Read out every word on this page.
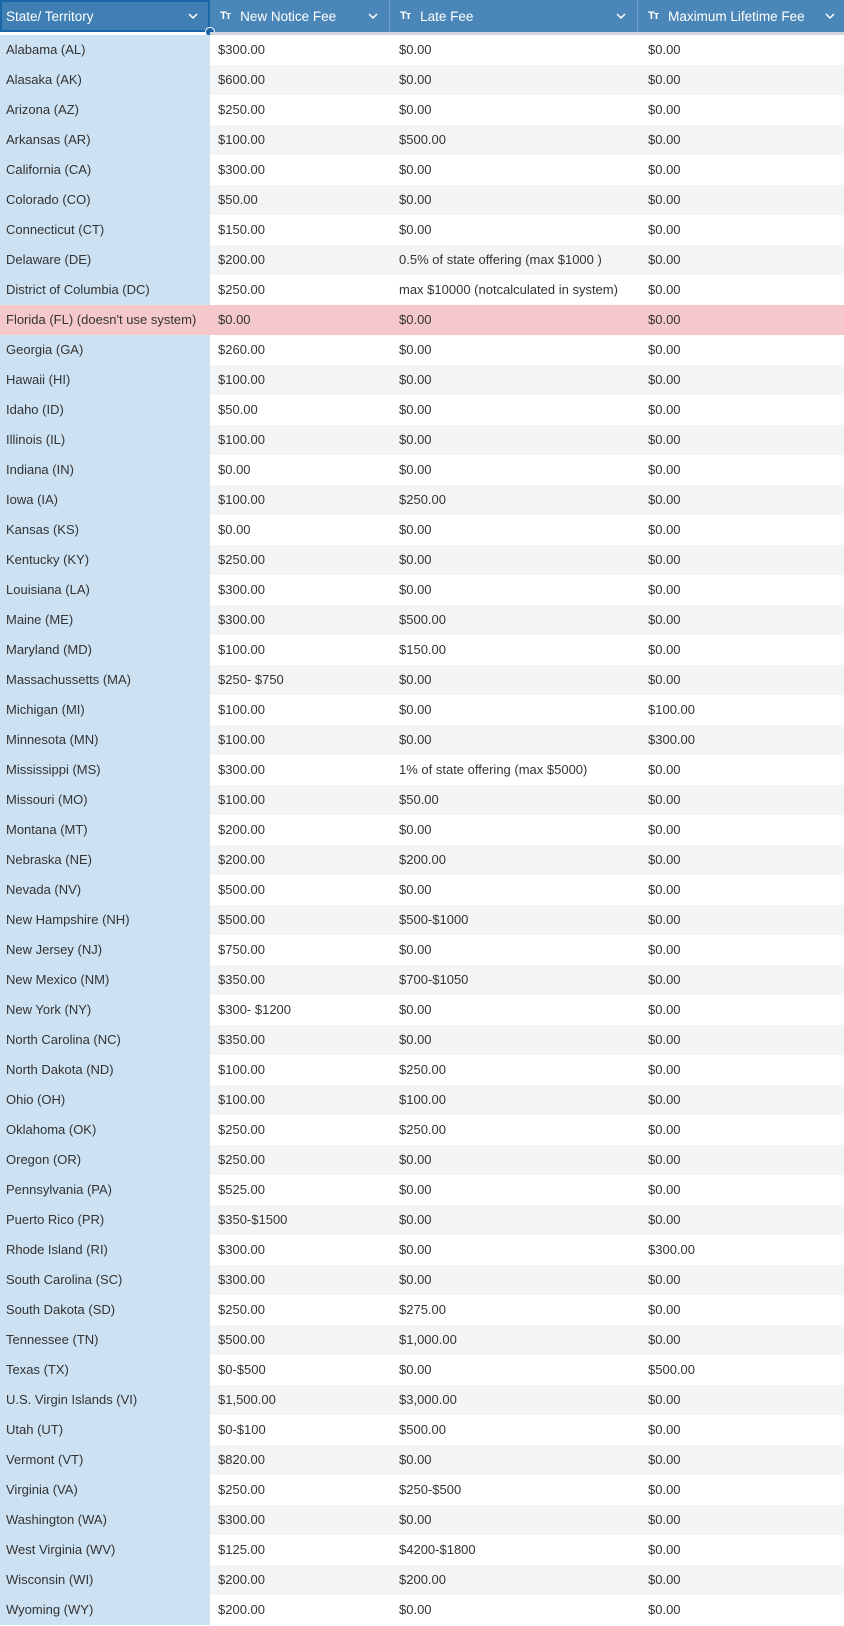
State/ Territory	Tт New Notice Fee	Tт Late Fee	Tт Maximum Lifetime Fee
Alabama (AL)	$300.00	$0.00	$0.00
Alasaka (AK)	$600.00	$0.00	$0.00
Arizona (AZ)	$250.00	$0.00	$0.00
Arkansas (AR)	$100.00	$500.00	$0.00
California (CA)	$300.00	$0.00	$0.00
Colorado (CO)	$50.00	$0.00	$0.00
Connecticut (CT)	$150.00	$0.00	$0.00
Delaware (DE)	$200.00	0.5% of state offering (max $1000 )	$0.00
District of Columbia (DC)	$250.00	max $10000 (notcalculated in system)	$0.00
Florida (FL) (doesn't use system)	$0.00	$0.00	$0.00
Georgia (GA)	$260.00	$0.00	$0.00
Hawaii (HI)	$100.00	$0.00	$0.00
Idaho (ID)	$50.00	$0.00	$0.00
Illinois (IL)	$100.00	$0.00	$0.00
Indiana (IN)	$0.00	$0.00	$0.00
Iowa (IA)	$100.00	$250.00	$0.00
Kansas (KS)	$0.00	$0.00	$0.00
Kentucky (KY)	$250.00	$0.00	$0.00
Louisiana (LA)	$300.00	$0.00	$0.00
Maine (ME)	$300.00	$500.00	$0.00
Maryland (MD)	$100.00	$150.00	$0.00
Massachussetts (MA)	$250- $750	$0.00	$0.00
Michigan (MI)	$100.00	$0.00	$100.00
Minnesota (MN)	$100.00	$0.00	$300.00
Mississippi (MS)	$300.00	1% of state offering (max $5000)	$0.00
Missouri (MO)	$100.00	$50.00	$0.00
Montana (MT)	$200.00	$0.00	$0.00
Nebraska (NE)	$200.00	$200.00	$0.00
Nevada (NV)	$500.00	$0.00	$0.00
New Hampshire (NH)	$500.00	$500-$1000	$0.00
New Jersey (NJ)	$750.00	$0.00	$0.00
New Mexico (NM)	$350.00	$700-$1050	$0.00
New York (NY)	$300- $1200	$0.00	$0.00
North Carolina (NC)	$350.00	$0.00	$0.00
North Dakota (ND)	$100.00	$250.00	$0.00
Ohio (OH)	$100.00	$100.00	$0.00
Oklahoma (OK)	$250.00	$250.00	$0.00
Oregon (OR)	$250.00	$0.00	$0.00
Pennsylvania (PA)	$525.00	$0.00	$0.00
Puerto Rico (PR)	$350-$1500	$0.00	$0.00
Rhode Island (RI)	$300.00	$0.00	$300.00
South Carolina (SC)	$300.00	$0.00	$0.00
South Dakota (SD)	$250.00	$275.00	$0.00
Tennessee (TN)	$500.00	$1,000.00	$0.00
Texas (TX)	$0-$500	$0.00	$500.00
U.S. Virgin Islands (VI)	$1,500.00	$3,000.00	$0.00
Utah (UT)	$0-$100	$500.00	$0.00
Vermont (VT)	$820.00	$0.00	$0.00
Virginia (VA)	$250.00	$250-$500	$0.00
Washington (WA)	$300.00	$0.00	$0.00
West Virginia (WV)	$125.00	$4200-$1800	$0.00
Wisconsin (WI)	$200.00	$200.00	$0.00
Wyoming (WY)	$200.00	$0.00	$0.00
